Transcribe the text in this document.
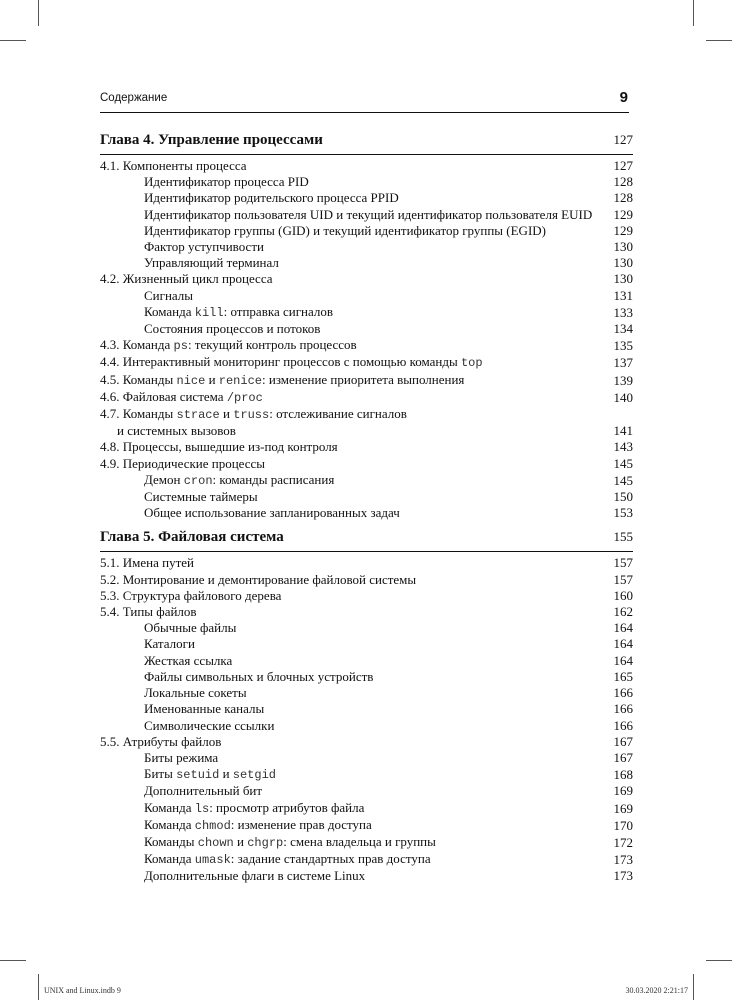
Содержание	9
Глава 4. Управление процессами	127
4.1. Компоненты процесса	127
Идентификатор процесса PID	128
Идентификатор родительского процесса PPID	128
Идентификатор пользователя UID и текущий идентификатор пользователя EUID	129
Идентификатор группы (GID) и текущий идентификатор группы (EGID)	129
Фактор уступчивости	130
Управляющий терминал	130
4.2. Жизненный цикл процесса	130
Сигналы	131
Команда kill: отправка сигналов	133
Состояния процессов и потоков	134
4.3. Команда ps: текущий контроль процессов	135
4.4. Интерактивный мониторинг процессов с помощью команды top	137
4.5. Команды nice и renice: изменение приоритета выполнения	139
4.6. Файловая система /proc	140
4.7. Команды strace и truss: отслеживание сигналов
и системных вызовов	141
4.8. Процессы, вышедшие из-под контроля	143
4.9. Периодические процессы	145
Демон cron: команды расписания	145
Системные таймеры	150
Общее использование запланированных задач	153
Глава 5. Файловая система	155
5.1. Имена путей	157
5.2. Монтирование и демонтирование файловой системы	157
5.3. Структура файлового дерева	160
5.4. Типы файлов	162
Обычные файлы	164
Каталоги	164
Жесткая ссылка	164
Файлы символьных и блочных устройств	165
Локальные сокеты	166
Именованные каналы	166
Символические ссылки	166
5.5. Атрибуты файлов	167
Биты режима	167
Биты setuid и setgid	168
Дополнительный бит	169
Команда ls: просмотр атрибутов файла	169
Команда chmod: изменение прав доступа	170
Команды chown и chgrp: смена владельца и группы	172
Команда umask: задание стандартных прав доступа	173
Дополнительные флаги в системе Linux	173
UNIX and Linux.indb 9	30.03.2020 2:21:17
